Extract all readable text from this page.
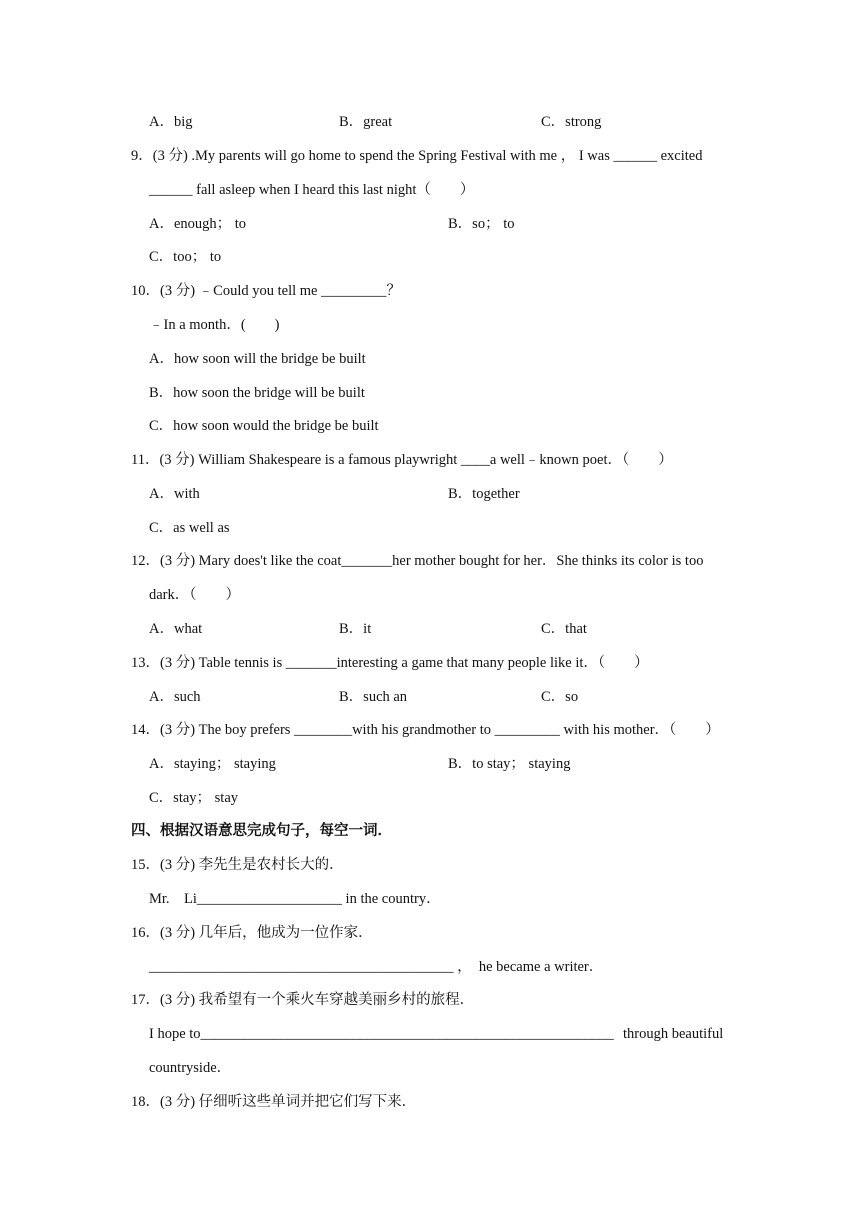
A．big	B．great	C．strong
9．(3 分) .My parents will go home to spend the Spring Festival with me ， I was ______ excited
______ fall asleep when I heard this last night（　　）
A．enough； to	B．so； to
C．too； to
10．(3 分) ﹣Could you tell me _________？
﹣In a month．(　　)
A．how soon will the bridge be built
B．how soon the bridge will be built
C．how soon would the bridge be built
11．(3 分) William Shakespeare is a famous playwright ____a well﹣known poet．（　　）
A．with	B．together
C．as well as
12．(3 分) Mary does't like the coat_______her mother bought for her．She thinks its color is too
dark．（　　）
A．what	B．it	C．that
13．(3 分) Table tennis is _______interesting a game that many people like it．（　　）
A．such	B．such an	C．so
14．(3 分) The boy prefers ________with his grandmother to _________ with his mother．（　　）
A．staying； staying	B．to stay； staying
C．stay； stay
四、根据汉语意思完成句子，每空一词．
15．(3 分) 李先生是农村长大的．
Mr.　Li____________________ in the country．
16．(3 分) 几年后，他成为一位作家．
__________________________________________ ，　he became a writer．
17．(3 分) 我希望有一个乘火车穿越美丽乡村的旅程．
I hope to_________________________________________________________ through beautiful
countryside．
18．(3 分) 仔细听这些单词并把它们写下来．
